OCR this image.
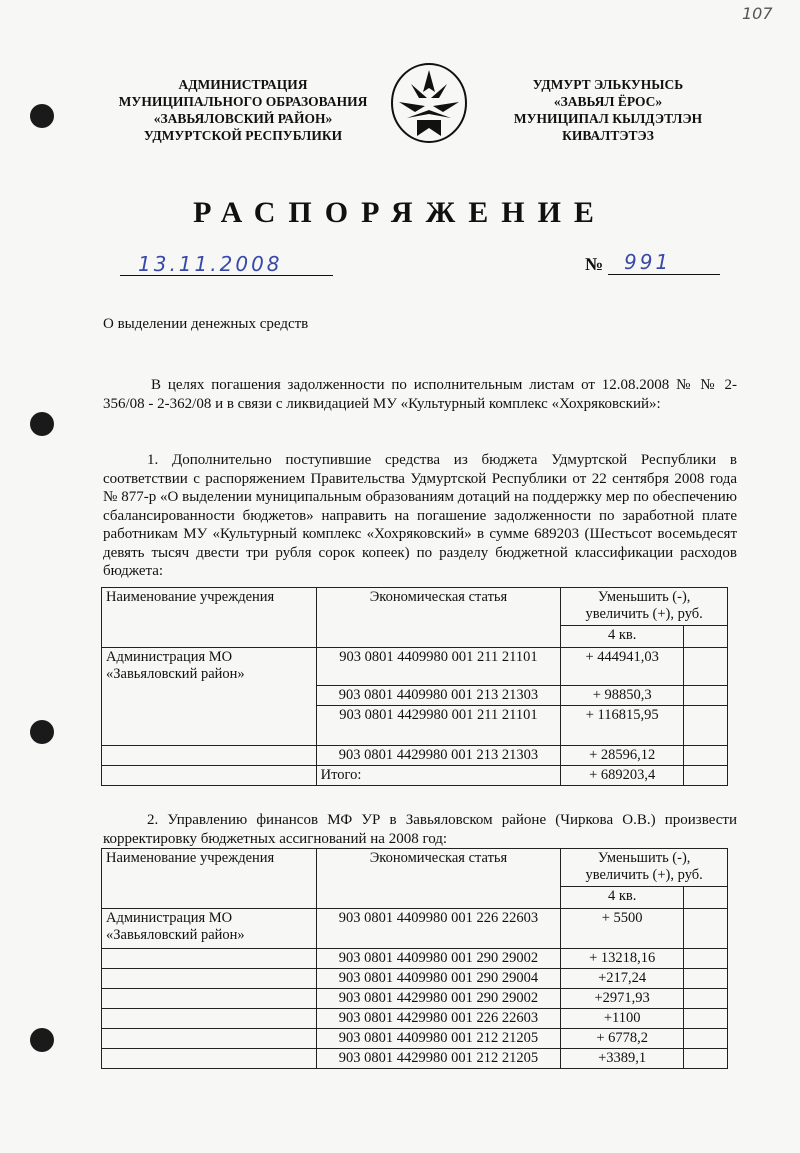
107
АДМИНИСТРАЦИЯ
МУНИЦИПАЛЬНОГО ОБРАЗОВАНИЯ
«ЗАВЬЯЛОВСКИЙ РАЙОН»
УДМУРТСКОЙ РЕСПУБЛИКИ
УДМУРТ ЭЛЬКУНЫСЬ
«ЗАВЬЯЛ ЁРОС»
МУНИЦИПАЛ КЫЛДЭТЛЭН
КИВАЛТЭТЭЗ
РАСПОРЯЖЕНИЕ
13.11.2008	№ 991
О выделении денежных средств
В целях погашения задолженности по исполнительным листам от 12.08.2008 № № 2-356/08 - 2-362/08 и в связи с ликвидацией МУ «Культурный комплекс «Хохряковский»:
1. Дополнительно поступившие средства из бюджета Удмуртской Республики в соответствии с распоряжением Правительства Удмуртской Республики от 22 сентября 2008 года № 877-р «О выделении муниципальным образованиям дотаций на поддержку мер по обеспечению сбалансированности бюджетов» направить на погашение задолженности по заработной плате работникам МУ «Культурный комплекс «Хохряковский» в сумме 689203 (Шестьсот восемьдесят девять тысяч двести три рубля сорок копеек) по разделу бюджетной классификации расходов бюджета:
Наименование учреждения	Экономическая статья	Уменьшить (-), увеличить (+), руб.	
		4 кв.	
Администрация МО «Завьяловский район»	903 0801 4409980 001 211 21101	+ 444941,03	
	903 0801 4409980 001 213 21303	+ 98850,3	
	903 0801 4429980 001 211 21101	+ 116815,95	
	903 0801 4429980 001 213 21303	+ 28596,12	
	Итого:	+ 689203,4	
2. Управлению финансов МФ УР в Завьяловском районе (Чиркова О.В.) произвести корректировку бюджетных ассигнований на 2008 год:
Наименование учреждения	Экономическая статья	Уменьшить (-), увеличить (+), руб.	
		4 кв.	
Администрация МО «Завьяловский район»	903 0801 4409980 001 226 22603	+ 5500	
	903 0801 4409980 001 290 29002	+ 13218,16	
	903 0801 4409980 001 290 29004	+217,24	
	903 0801 4429980 001 290 29002	+2971,93	
	903 0801 4429980 001 226 22603	+1100	
	903 0801 4409980 001 212 21205	+ 6778,2	
	903 0801 4429980 001 212 21205	+3389,1	
